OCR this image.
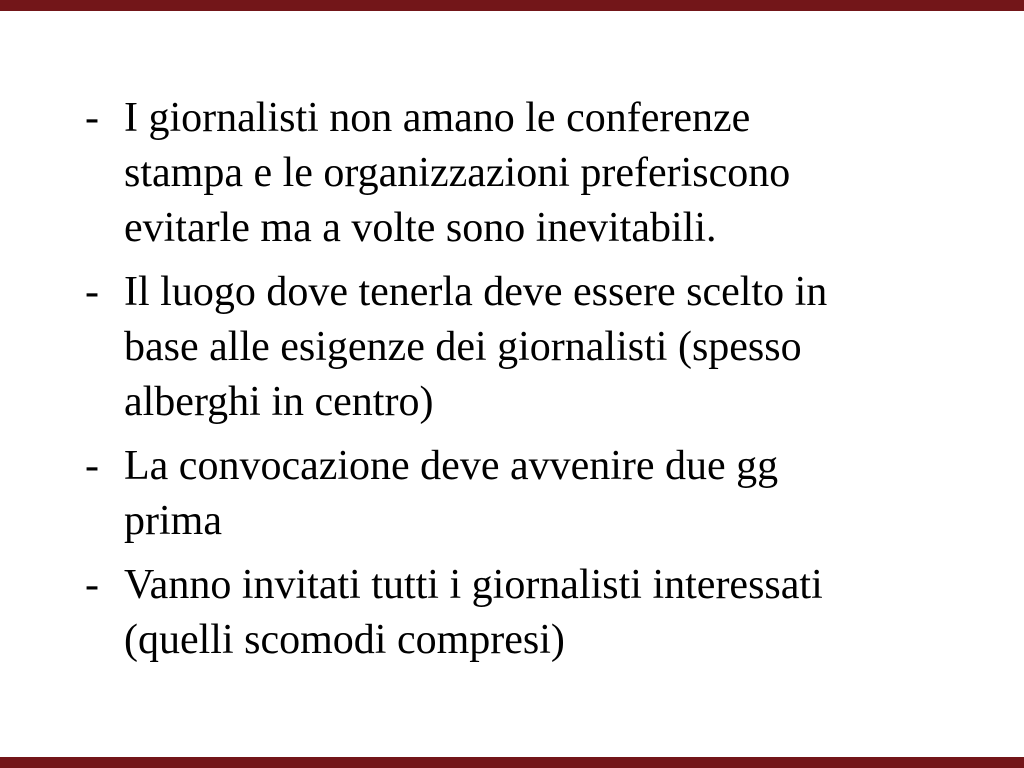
- I giornalisti non amano le conferenze
stampa e le organizzazioni preferiscono
evitarle ma a volte sono inevitabili.
- Il luogo dove tenerla deve essere scelto in
base alle esigenze dei giornalisti (spesso
alberghi in centro)
- La convocazione deve avvenire due gg
prima
- Vanno invitati tutti i giornalisti interessati
(quelli scomodi compresi)
